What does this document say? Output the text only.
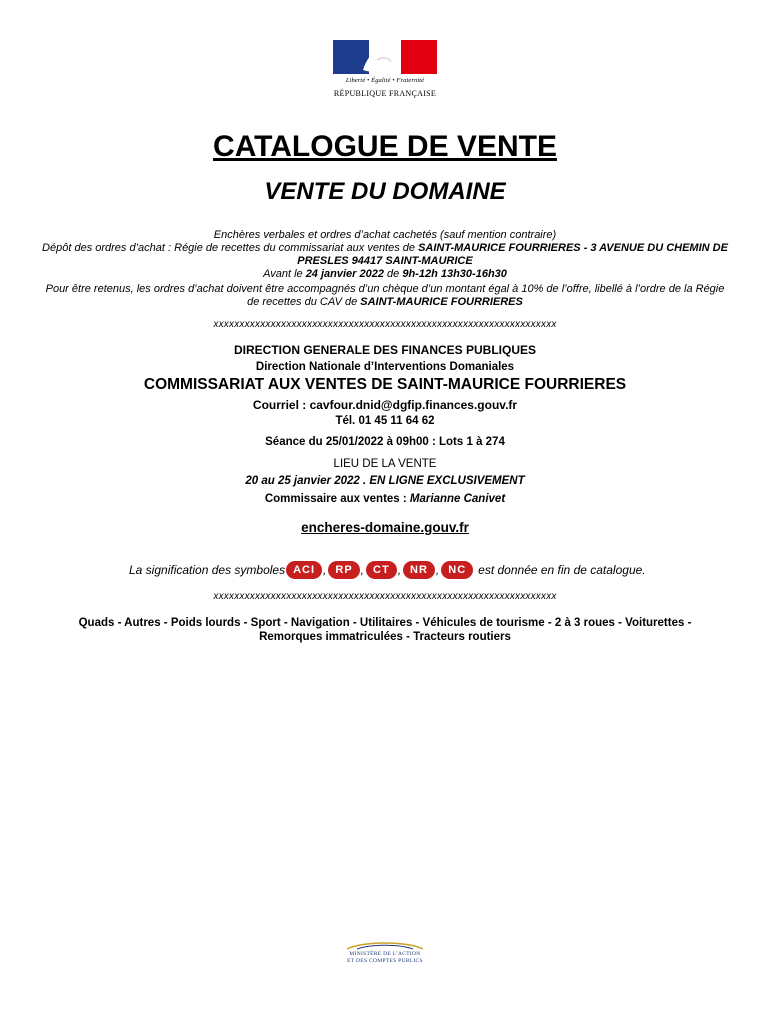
Liberté • Égalité • Fraternité
RÉPUBLIQUE FRANÇAISE
CATALOGUE DE VENTE
VENTE DU DOMAINE
Enchères verbales et ordres d’achat cachetés (sauf mention contraire)
Dépôt des ordres d’achat : Régie de recettes du commissariat aux ventes de SAINT-MAURICE FOURRIERES - 3 AVENUE DU CHEMIN DE PRESLES 94417 SAINT-MAURICE
Avant le 24 janvier 2022 de 9h-12h 13h30-16h30
Pour être retenus, les ordres d’achat doivent être accompagnés d’un chèque d’un montant égal à 10% de l’offre, libellé à l’ordre de la Régie de recettes du CAV de SAINT-MAURICE FOURRIERES
xxxxxxxxxxxxxxxxxxxxxxxxxxxxxxxxxxxxxxxxxxxxxxxxxxxxxxxxxxxxxxxxxx
DIRECTION GENERALE DES FINANCES PUBLIQUES
Direction Nationale d’Interventions Domaniales
COMMISSARIAT AUX VENTES DE SAINT-MAURICE FOURRIERES
Courriel : cavfour.dnid@dgfip.finances.gouv.fr
Tél. 01 45 11 64 62
Séance du 25/01/2022 à 09h00 : Lots 1 à 274
LIEU DE LA VENTE
20 au 25 janvier 2022 . EN LIGNE EXCLUSIVEMENT
Commissaire aux ventes : Marianne Canivet
encheres-domaine.gouv.fr
La signification des symboles ACI , RP , CT , NR , NC	est donnée en fin de catalogue.
xxxxxxxxxxxxxxxxxxxxxxxxxxxxxxxxxxxxxxxxxxxxxxxxxxxxxxxxxxxxxxxxxx
Quads - Autres - Poids lourds - Sport - Navigation - Utilitaires - Véhicules de tourisme - 2 à 3 roues - Voiturettes - Remorques immatriculées - Tracteurs routiers
MINISTÈRE DE L’ACTION
ET DES COMPTES PUBLICS
